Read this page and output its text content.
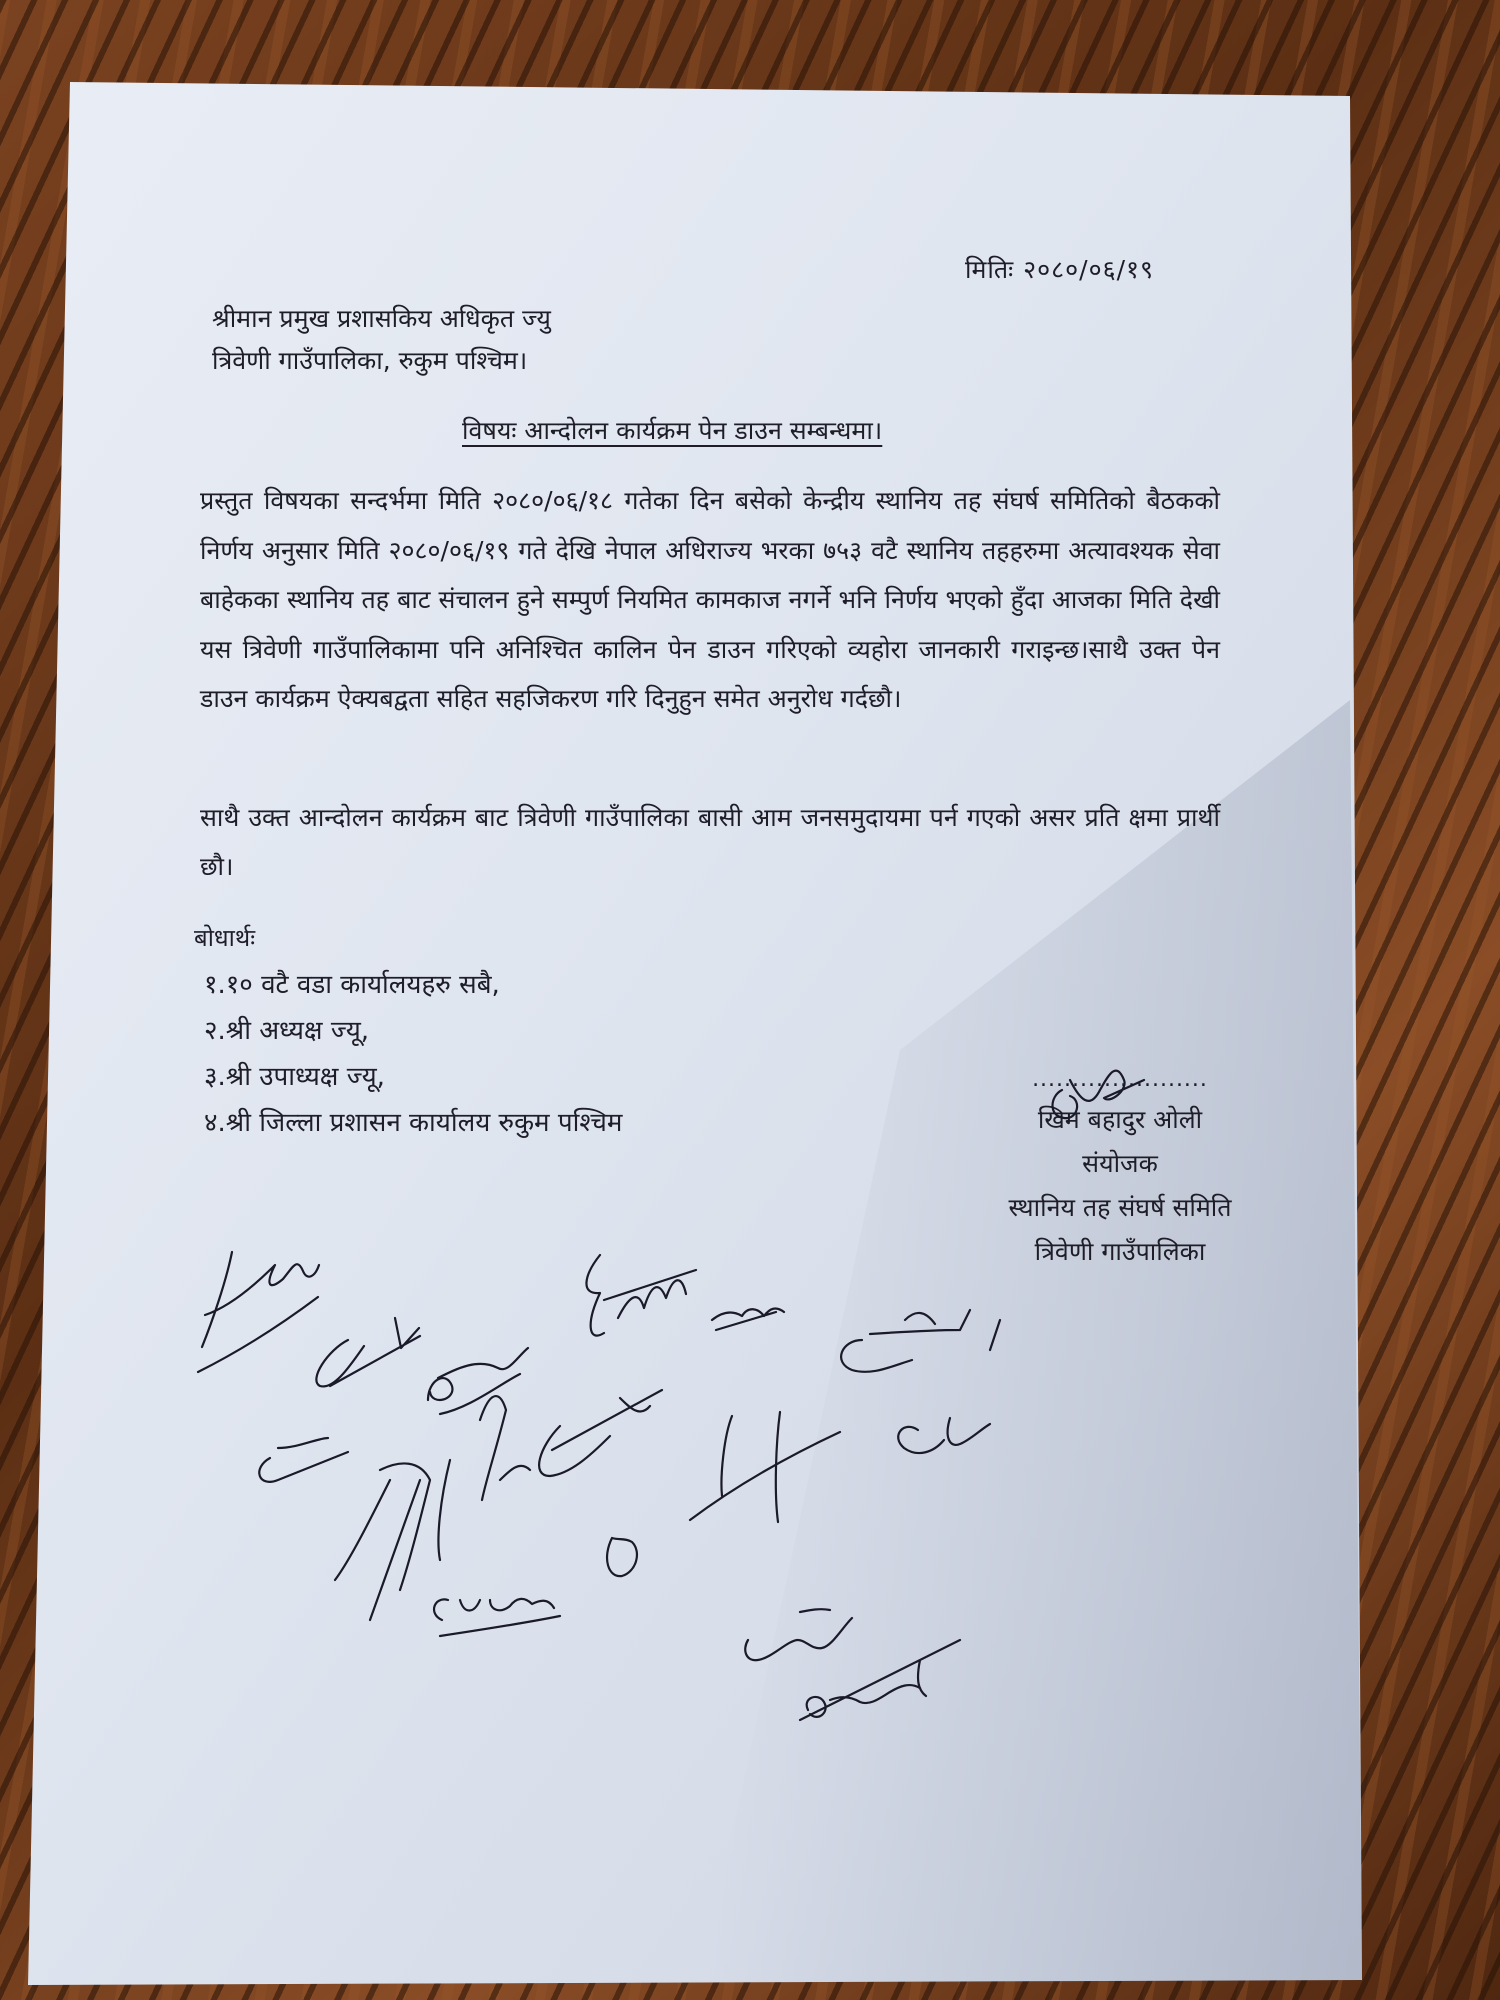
मितिः २०८०/०६/१९
श्रीमान प्रमुख प्रशासकिय अधिकृत ज्यु
त्रिवेणी गाउँपालिका, रुकुम पश्चिम।
विषयः आन्दोलन कार्यक्रम पेन डाउन सम्बन्धमा।
प्रस्तुत विषयका सन्दर्भमा मिति २०८०/०६/१८ गतेका दिन बसेको केन्द्रीय स्थानिय तह संघर्ष समितिको बैठकको निर्णय अनुसार मिति २०८०/०६/१९ गते देखि नेपाल अधिराज्य भरका ७५३ वटै स्थानिय तहहरुमा अत्यावश्यक सेवा बाहेकका स्थानिय तह बाट संचालन हुने सम्पुर्ण नियमित कामकाज नगर्ने भनि निर्णय भएको हुँदा आजका मिति देखी यस त्रिवेणी गाउँपालिकामा पनि अनिश्चित कालिन पेन डाउन गरिएको व्यहोरा जानकारी गराइन्छ।साथै उक्त पेन डाउन कार्यक्रम ऐक्यबद्वता सहित सहजिकरण गरि दिनुहुन समेत अनुरोध गर्दछौ।
साथै उक्त आन्दोलन कार्यक्रम बाट त्रिवेणी गाउँपालिका बासी आम जनसमुदायमा पर्न गएको असर प्रति क्षमा प्रार्थी छौ।
बोधार्थः
१.१० वटै वडा कार्यालयहरु सबै,
२.श्री अध्यक्ष ज्यू,
३.श्री उपाध्यक्ष ज्यू,
४.श्री जिल्ला प्रशासन कार्यालय रुकुम पश्चिम
......................
खिम बहादुर ओली
संयोजक
स्थानिय तह संघर्ष समिति
त्रिवेणी गाउँपालिका
